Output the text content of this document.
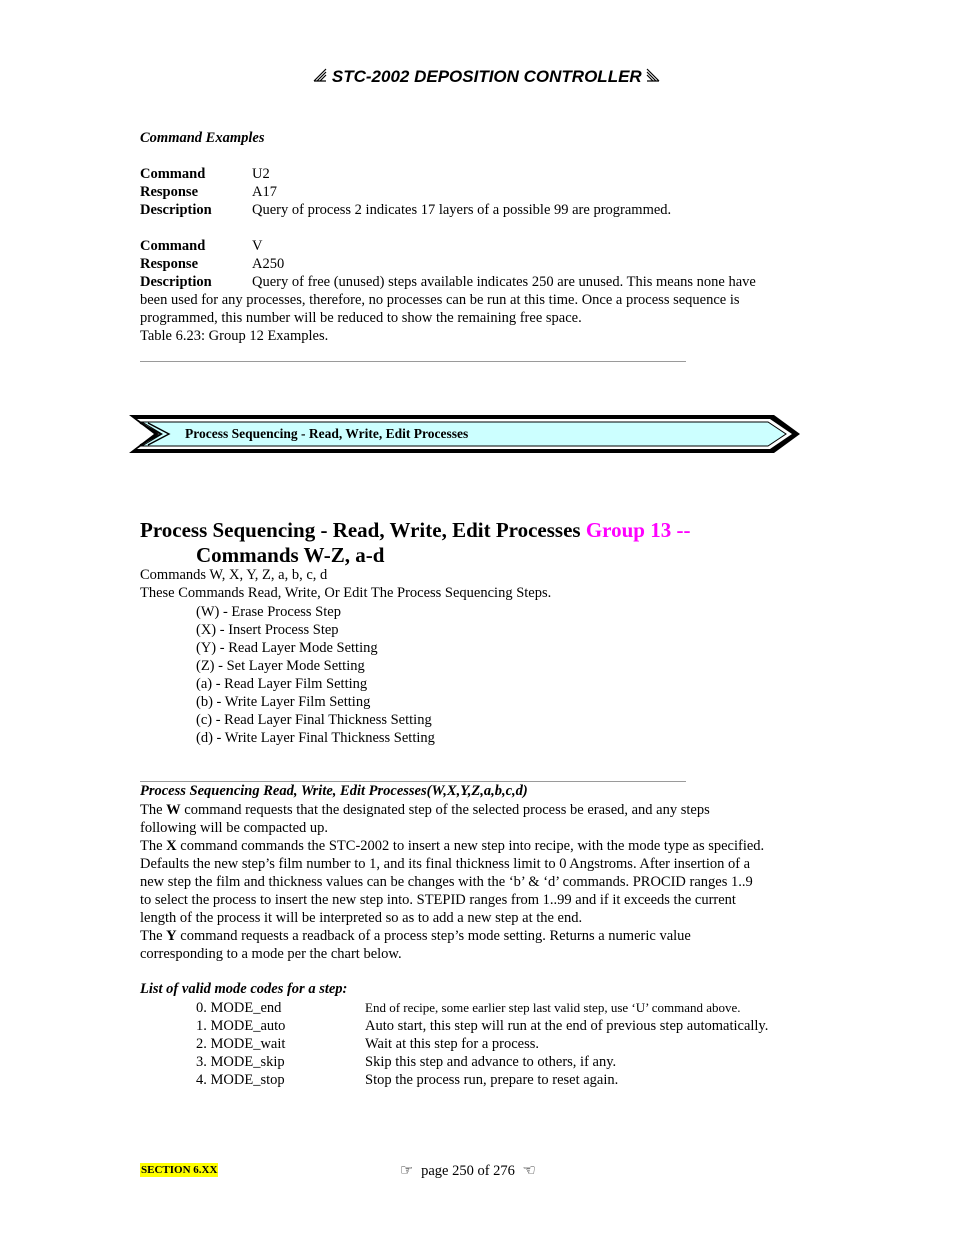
STC-2002 DEPOSITION CONTROLLER
Command Examples
Command	U2
Response	A17
Description	Query of process 2 indicates 17 layers of a possible 99 are programmed.
Command	V
Response	A250
Description	Query of free (unused) steps available indicates 250 are unused. This means none have
been used for any processes, therefore, no processes can be run at this time. Once a process sequence is
programmed, this number will be reduced to show the remaining free space.
Table 6.23: Group 12 Examples.
Process Sequencing - Read, Write, Edit Processes
Process Sequencing - Read, Write, Edit Processes Group 13 --
Commands W-Z, a-d
Commands W, X, Y, Z, a, b, c, d
These Commands Read, Write, Or Edit The Process Sequencing Steps.
(W) - Erase Process Step
(X) - Insert Process Step
(Y) - Read Layer Mode Setting
(Z) - Set Layer Mode Setting
(a) - Read Layer Film Setting
(b) - Write Layer Film Setting
(c) - Read Layer Final Thickness Setting
(d) - Write Layer Final Thickness Setting
Process Sequencing Read, Write, Edit Processes(W,X,Y,Z,a,b,c,d)
The W command requests that the designated step of the selected process be erased, and any steps
following will be compacted up.
The X command commands the STC-2002 to insert a new step into recipe, with the mode type as specified.
Defaults the new step’s film number to 1, and its final thickness limit to 0 Angstroms. After insertion of a
new step the film and thickness values can be changes with the ‘b’ & ‘d’ commands. PROCID ranges 1..9
to select the process to insert the new step into. STEPID ranges from 1..99 and if it exceeds the current
length of the process it will be interpreted so as to add a new step at the end.
The Y command requests a readback of a process step’s mode setting. Returns a numeric value
corresponding to a mode per the chart below.
List of valid mode codes for a step:
0. MODE_end	End of recipe, some earlier step last valid step, use ‘U’ command above.
1. MODE_auto	Auto start, this step will run at the end of previous step automatically.
2. MODE_wait	Wait at this step for a process.
3. MODE_skip	Skip this step and advance to others, if any.
4. MODE_stop	Stop the process run, prepare to reset again.
SECTION 6.XX	☞ page 250 of 276 ☜
